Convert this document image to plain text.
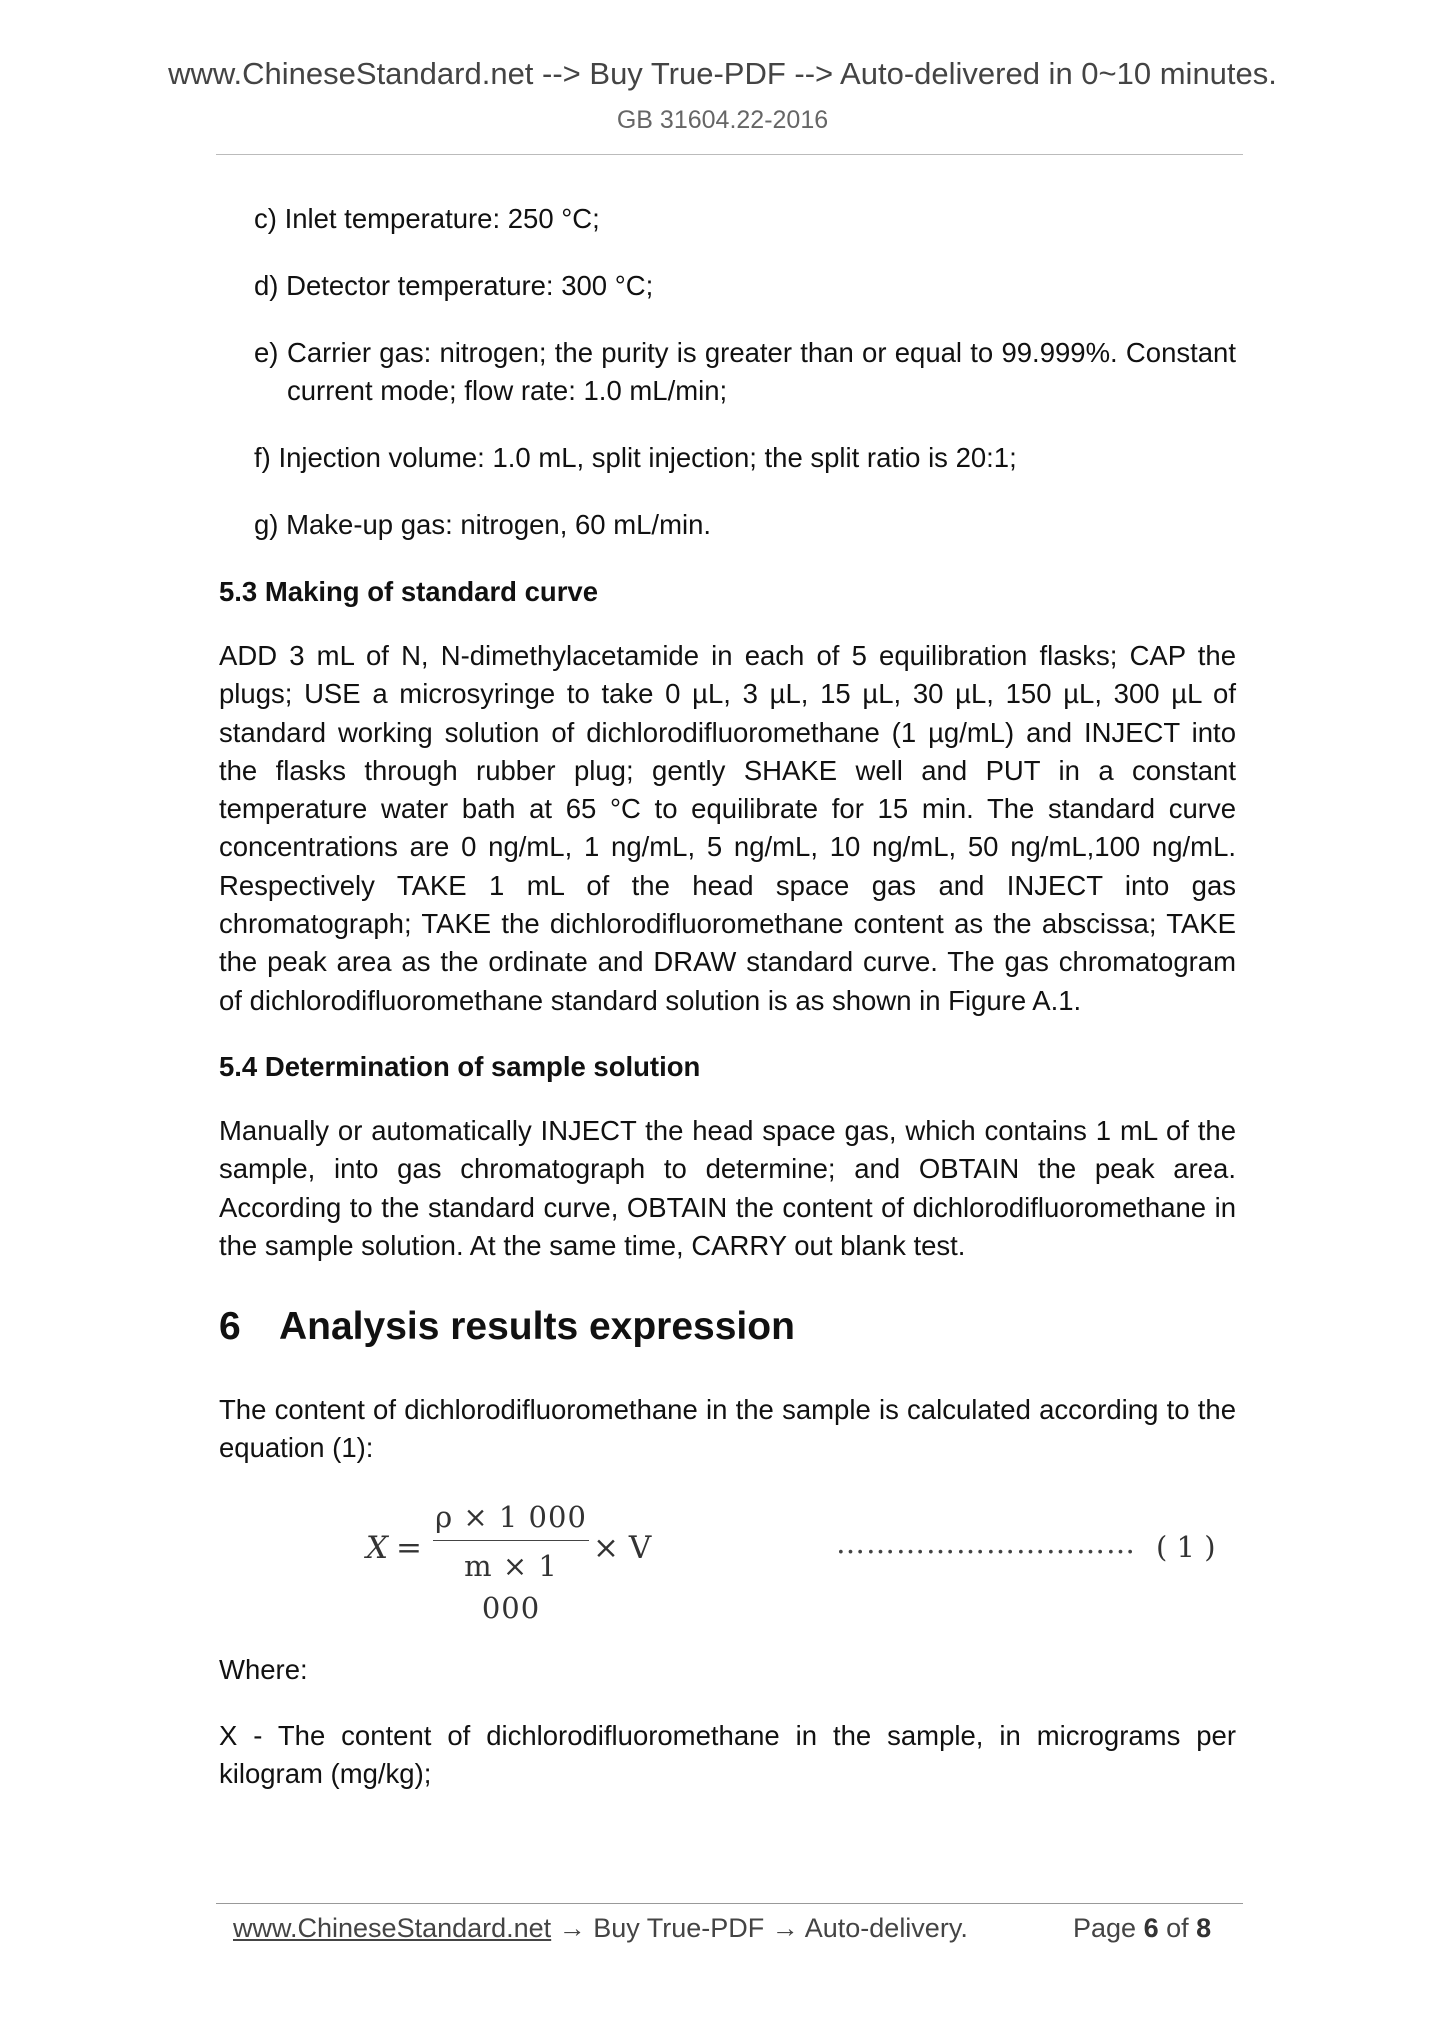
www.ChineseStandard.net --> Buy True-PDF --> Auto-delivered in 0~10 minutes.
GB 31604.22-2016
c) Inlet temperature: 250 °C;
d) Detector temperature: 300 °C;
e) Carrier gas: nitrogen; the purity is greater than or equal to 99.999%. Constant current mode; flow rate: 1.0 mL/min;
f) Injection volume: 1.0 mL, split injection; the split ratio is 20:1;
g) Make-up gas: nitrogen, 60 mL/min.
5.3 Making of standard curve
ADD 3 mL of N, N-dimethylacetamide in each of 5 equilibration flasks; CAP the plugs; USE a microsyringe to take 0 µL, 3 µL, 15 µL, 30 µL, 150 µL, 300 µL of standard working solution of dichlorodifluoromethane (1 µg/mL) and INJECT into the flasks through rubber plug; gently SHAKE well and PUT in a constant temperature water bath at 65 °C to equilibrate for 15 min. The standard curve concentrations are 0 ng/mL, 1 ng/mL, 5 ng/mL, 10 ng/mL, 50 ng/mL,100 ng/mL. Respectively TAKE 1 mL of the head space gas and INJECT into gas chromatograph; TAKE the dichlorodifluoromethane content as the abscissa; TAKE the peak area as the ordinate and DRAW standard curve. The gas chromatogram of dichlorodifluoromethane standard solution is as shown in Figure A.1.
5.4 Determination of sample solution
Manually or automatically INJECT the head space gas, which contains 1 mL of the sample, into gas chromatograph to determine; and OBTAIN the peak area. According to the standard curve, OBTAIN the content of dichlorodifluoromethane in the sample solution. At the same time, CARRY out blank test.
6 Analysis results expression
The content of dichlorodifluoromethane in the sample is calculated according to the equation (1):
X =
ρ × 1 000
m × 1 000
× V	………………………… ( 1 )
Where:
X - The content of dichlorodifluoromethane in the sample, in micrograms per kilogram (mg/kg);
www.ChineseStandard.net → Buy True-PDF → Auto-delivery.	Page 6 of 8
